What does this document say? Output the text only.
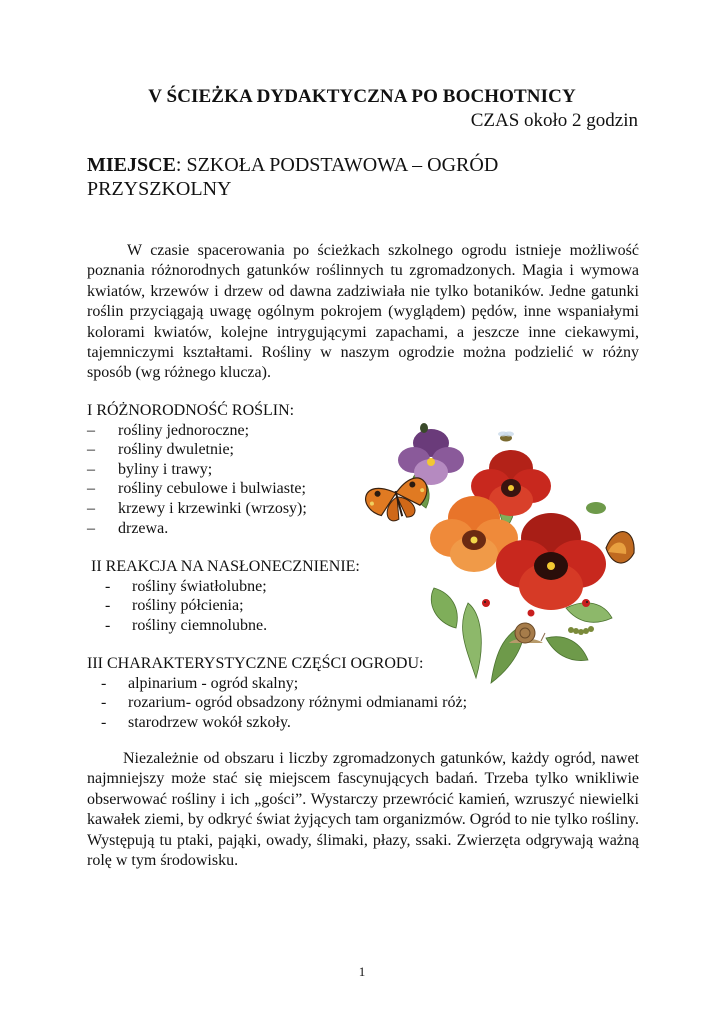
V ŚCIEŻKA DYDAKTYCZNA PO BOCHOTNICY
CZAS około 2 godzin
MIEJSCE: SZKOŁA PODSTAWOWA – OGRÓD
PRZYSZKOLNY

W czasie spacerowania po ścieżkach szkolnego ogrodu istnieje możliwość poznania różnorodnych gatunków roślinnych tu zgromadzonych. Magia i wymowa kwiatów, krzewów i drzew od dawna zadziwiała nie tylko botaników. Jedne gatunki roślin przyciągają uwagę ogólnym pokrojem (wyglądem) pędów, inne wspaniałymi kolorami kwiatów, kolejne intrygującymi zapachami, a jeszcze inne ciekawymi, tajemniczymi kształtami. Rośliny w naszym ogrodzie można podzielić w różny sposób (wg różnego klucza).

I RÓŻNORODNOŚĆ ROŚLIN:
– rośliny jednoroczne;
– rośliny dwuletnie;
– byliny i trawy;
– rośliny cebulowe i bulwiaste;
– krzewy i krzewinki (wrzosy);
– drzewa.
II REAKCJA NA NASŁONECZNIENIE:
- rośliny światłolubne;
- rośliny półcienia;
- rośliny ciemnolubne.
III CHARAKTERYSTYCZNE CZĘŚCI OGRODU:
- alpinarium - ogród skalny;
- rozarium- ogród obsadzony różnymi odmianami róż;
- starodrzew wokół szkoły.

Niezależnie od obszaru i liczby zgromadzonych gatunków, każdy ogród, nawet najmniejszy może stać się miejscem fascynujących badań. Trzeba tylko wnikliwie obserwować rośliny i ich „gości”. Wystarczy przewrócić kamień, wzruszyć niewielki kawałek ziemi, by odkryć świat żyjących tam organizmów. Ogród to nie tylko rośliny. Występują tu ptaki, pająki, owady, ślimaki, płazy, ssaki. Zwierzęta odgrywają ważną rolę w tym środowisku.

1
